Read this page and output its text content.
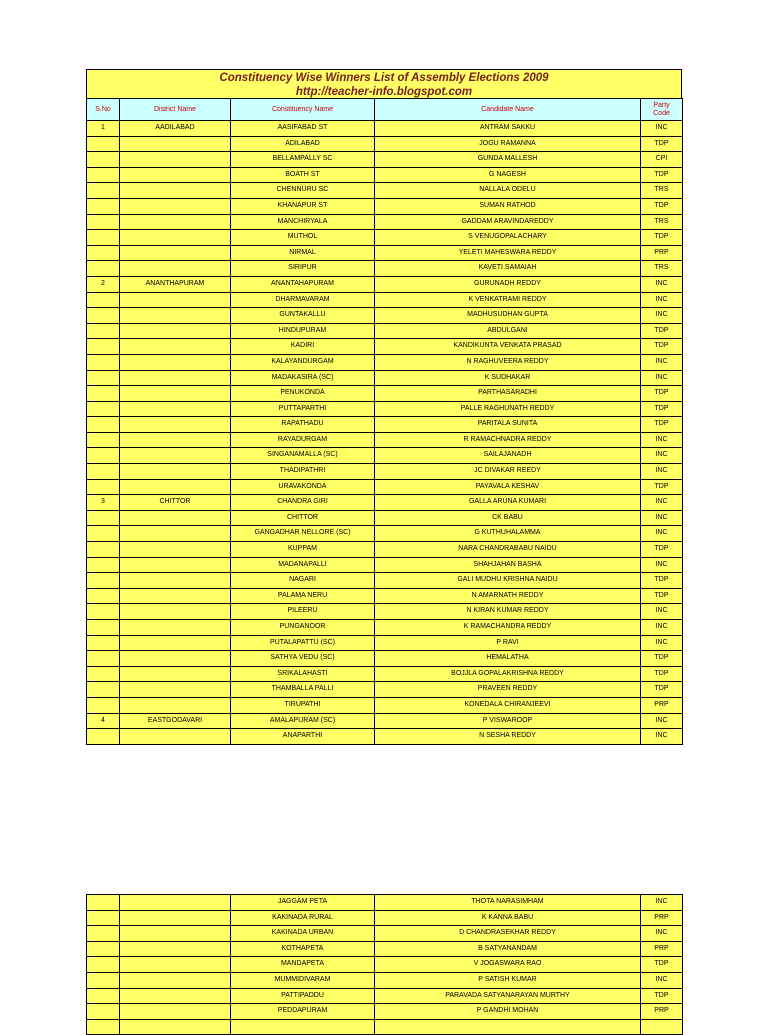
Constituency Wise Winners List of Assembly Elections 2009
http://teacher-info.blogspot.com
S.No	District Name	Constituency Name	Candidate Name	Party Code
1	AADILABAD	AASIFABAD ST	ANTRAM SAKKU	INC
		ADILABAD	JOGU RAMANNA	TDP
		BELLAMPALLY SC	GUNDA MALLESH	CPI
		BOATH ST	G NAGESH	TDP
		CHENNURU SC	NALLALA ODELU	TRS
		KHANAPUR ST	SUMAN RATHOD	TDP
		MANCHIRYALA	GADDAM ARAVINDAREDDY	TRS
		MUTHOL	S VENUGOPALACHARY	TDP
		NIRMAL	YELETI MAHESWARA REDDY	PRP
		SIRIPUR	KAVETI SAMAIAH	TRS
2	ANANTHAPURAM	ANANTAHAPURAM	GURUNADH REDDY	INC
		DHARMAVARAM	K VENKATRAMI REDDY	INC
		GUNTAKALLU	MADHUSUDHAN GUPTA	INC
		HINDUPURAM	ABDULGANI	TDP
		KADIRI	KANDIKUNTA VENKATA PRASAD	TDP
		KALAYANDURGAM	N RAGHUVEERA REDDY	INC
		MADAKASIRA (SC)	K SUDHAKAR	INC
		PENUKONDA	PARTHASARADHI	TDP
		PUTTAPARTHI	PALLE RAGHUNATH REDDY	TDP
		RAPATHADU	PARITALA SUNITA	TDP
		RAYADURGAM	R RAMACHNADRA REDDY	INC
		SINGANAMALLA (SC)	SAILAJANADH	INC
		THADIPATHRI	JC DIVAKAR REEDY	INC
		URAVAKONDA	PAYAVALA KESHAV	TDP
3	CHITTOR	CHANDRA GIRI	GALLA ARUNA KUMARI	INC
		CHITTOR	CK BABU	INC
		GANGADHAR NELLORE (SC)	G KUTHUHALAMMA	INC
		KUPPAM	NARA CHANDRABABU NAIDU	TDP
		MADANAPALLI	SHAHJAHAN BASHA	INC
		NAGARI	GALI MUDHU KRISHNA NAIDU	TDP
		PALAMA NERU	N AMARNATH REDDY	TDP
		PILEERU	N KIRAN KUMAR REDDY	INC
		PUNGANOOR	K RAMACHANDRA REDDY	INC
		PUTALAPATTU (SC)	P RAVI	INC
		SATHYA VEDU (SC)	HEMALATHA	TDP
		SRIKALAHASTI	BOJJLA GOPALAKRISHNA REDDY	TDP
		THAMBALLA PALLI	PRAVEEN REDDY	TDP
		TIRUPATHI	KONEDALA CHIRANJEEVI	PRP
4	EASTGODAVARI	AMALAPURAM (SC)	P VISWAROOP	INC
		ANAPARTHI	N SESHA REDDY	INC
		JAGGAM PETA	THOTA NARASIMHAM	INC
		KAKINADA RURAL	K KANNA BABU	PRP
		KAKINADA URBAN	D CHANDRASEKHAR REDDY	INC
		KOTHAPETA	B SATYANANDAM	PRP
		MANDAPETA	V JOGASWARA RAO	TDP
		MUMMIDIVARAM	P SATISH KUMAR	INC
		PATTIPADDU	PARAVADA SATYANARAYAN MURTHY	TDP
		PEDDAPURAM	P GANDHI MOHAN	PRP
